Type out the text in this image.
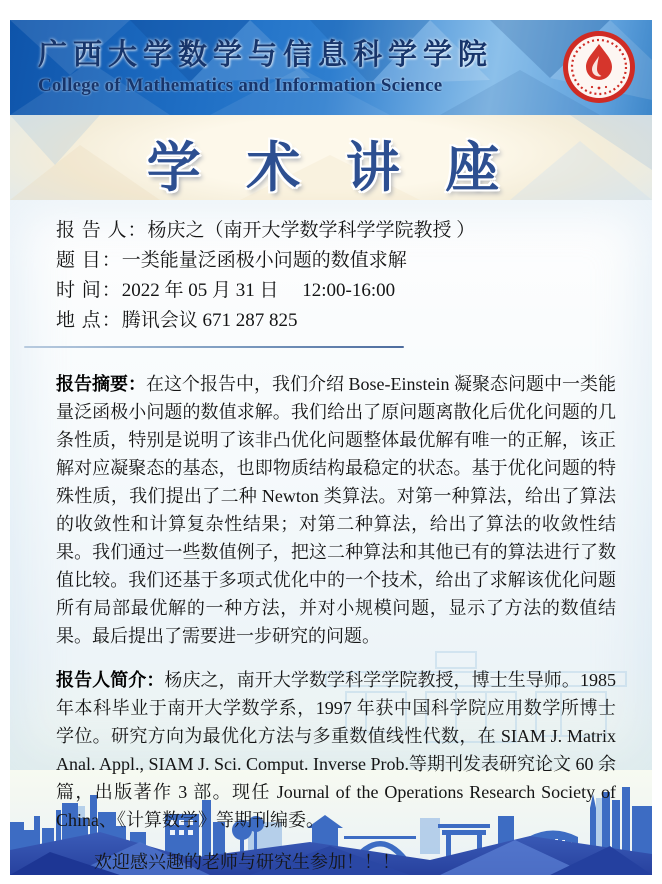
广西大学数学与信息科学学院
College of Mathematics and Information Science
学 术 讲 座
报 告 人：杨庆之（南开大学数学科学学院教授 ）
题 目：一类能量泛函极小问题的数值求解
时 间：2022 年 05 月 31 日　 12:00-16:00
地 点：腾讯会议 671 287 825

报告摘要：在这个报告中，我们介绍 Bose-Einstein 凝聚态问题中一类能量泛函极小问题的数值求解。我们给出了原问题离散化后优化问题的几条性质，特别是说明了该非凸优化问题整体最优解有唯一的正解，该正解对应凝聚态的基态，也即物质结构最稳定的状态。基于优化问题的特殊性质，我们提出了二种 Newton 类算法。对第一种算法，给出了算法的收敛性和计算复杂性结果；对第二种算法，给出了算法的收敛性结果。我们通过一些数值例子，把这二种算法和其他已有的算法进行了数值比较。我们还基于多项式优化中的一个技术，给出了求解该优化问题所有局部最优解的一种方法，并对小规模问题，显示了方法的数值结果。最后提出了需要进一步研究的问题。

报告人简介：杨庆之，南开大学数学科学学院教授，博士生导师。1985 年本科毕业于南开大学数学系，1997 年获中国科学院应用数学所博士学位。研究方向为最优化方法与多重数值线性代数，在 SIAM J. Matrix Anal. Appl., SIAM J. Sci. Comput. Inverse Prob.等期刊发表研究论文 60 余篇，出版著作 3 部。现任 Journal of the Operations Research Society of China、《计算数学》等期刊编委。

欢迎感兴趣的老师与研究生参加！！！
